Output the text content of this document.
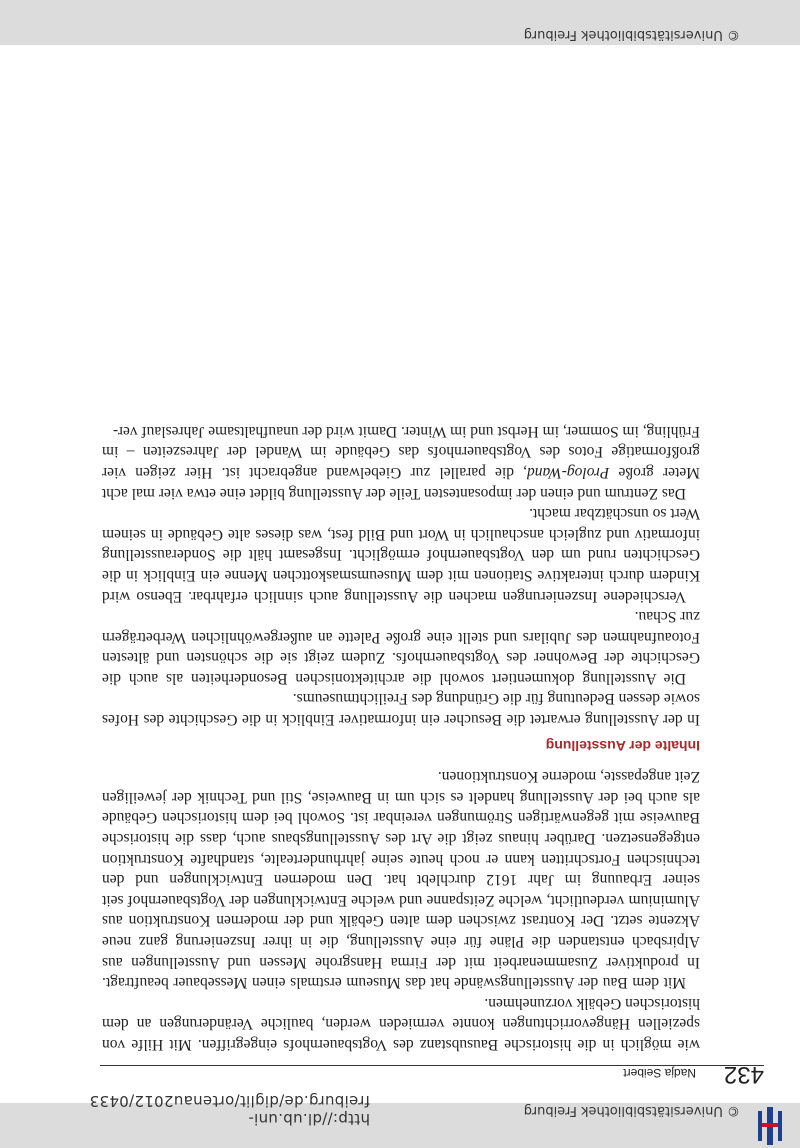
© Universitätsbibliothek Freiburg
http://dl.ub.uni-freiburg.de/diglit/ortenau2012/0433
432
Nadja Seibert

wie möglich in die historische Bausubstanz des Vogtsbauernhofs eingegriffen. Mit Hilfe von speziellen Hängevorrichtungen konnte vermieden werden, bauliche Veränderungen an dem historischen Gebälk vorzunehmen.

Mit dem Bau der Ausstellungswände hat das Museum erstmals einen Messebauer beauftragt. In produktiver Zusammenarbeit mit der Firma Hansgrohe Messen und Ausstellungen aus Alpirsbach entstanden die Pläne für eine Ausstellung, die in ihrer Inszenierung ganz neue Akzente setzt. Der Kontrast zwischen dem alten Gebälk und der modernen Konstruktion aus Aluminium verdeutlicht, welche Zeitspanne und welche Entwicklungen der Vogtsbauernhof seit seiner Erbauung im Jahr 1612 durchlebt hat. Den modernen Entwicklungen und den technischen Fortschritten kann er noch heute seine jahrhundertealte, standhafte Konstruktion entgegensetzen. Darüber hinaus zeigt die Art des Ausstellungsbaus auch, dass die historische Bauweise mit gegenwärtigen Strömungen vereinbar ist. Sowohl bei dem historischen Gebäude als auch bei der Ausstellung handelt es sich um in Bauweise, Stil und Technik der jeweiligen Zeit angepasste, moderne Konstruktionen.

Inhalte der Ausstellung

In der Ausstellung erwartet die Besucher ein informativer Einblick in die Geschichte des Hofes sowie dessen Bedeutung für die Gründung des Freilichtmuseums.

Die Ausstellung dokumentiert sowohl die architektonischen Besonderheiten als auch die Geschichte der Bewohner des Vogtsbauernhofs. Zudem zeigt sie die schönsten und ältesten Fotoaufnahmen des Jubilars und stellt eine große Palette an außergewöhnlichen Werbeträgern zur Schau.

Verschiedene Inszenierungen machen die Ausstellung auch sinnlich erfahrbar. Ebenso wird Kindern durch interaktive Stationen mit dem Museumsmaskottchen Menne ein Einblick in die Geschichten rund um den Vogtsbauernhof ermöglicht. Insgesamt hält die Sonderausstellung informativ und zugleich anschaulich in Wort und Bild fest, was dieses alte Gebäude in seinem Wert so unschätzbar macht.

Das Zentrum und einen der imposantesten Teile der Ausstellung bildet eine etwa vier mal acht Meter große Prolog-Wand, die parallel zur Giebelwand angebracht ist. Hier zeigen vier großformatige Fotos des Vogtsbauernhofs das Gebäude im Wandel der Jahreszeiten – im Frühling, im Sommer, im Herbst und im Winter. Damit wird der unaufhaltsame Jahreslauf ver-

© Universitätsbibliothek Freiburg
